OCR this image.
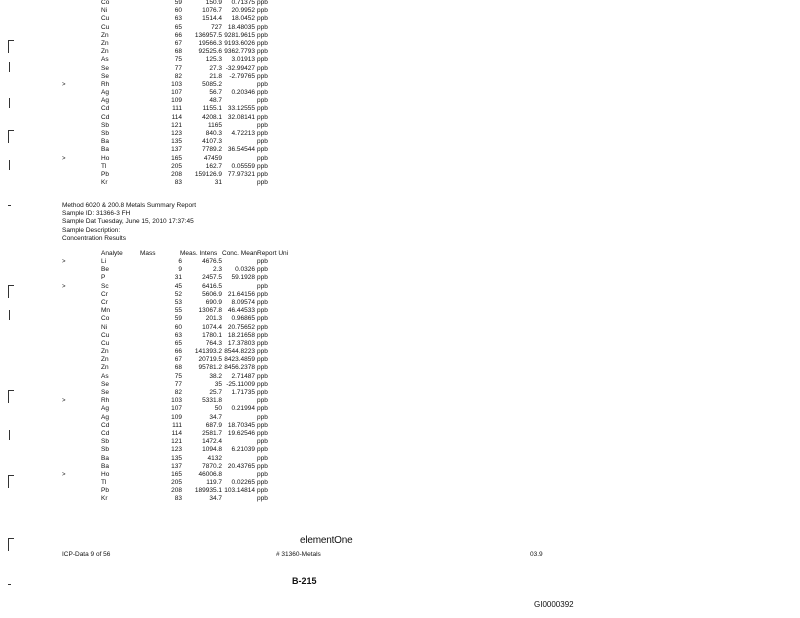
Co	59	150.9	0.71375 ppb
Ni	60	1076.7	20.9952 ppb
Cu	63	1514.4	18.0452 ppb
Cu	65	727 18.48035 ppb
Zn	66	136957.5 9281.9615 ppb
Zn	67	19566.3 9193.6026 ppb
Zn	68	92525.6 9362.7793 ppb
As	75	125.3	3.01913 ppb
Se	77	27.3 -32.99427 ppb
Se	82	21.8	-2.79765 ppb
>	Rh	103	5085.2	ppb
Ag	107	56.7	0.20346 ppb
Ag	109	48.7	ppb
Cd	111	1155.1 33.12555 ppb
Cd	114	4208.1 32.08141 ppb
Sb	121	1165	ppb
Sb	123	840.3	4.72213 ppb
Ba	135	4107.3	ppb
Ba	137	7789.2 36.54544 ppb
>	Ho	165	47459	ppb
Tl	205	162.7	0.05559 ppb
Pb	208	159126.9 77.97321 ppb
Kr	83	31	ppb
Method 6020 & 200.8 Metals Summary Report
Sample ID: 31366-3 FH
Sample Dat Tuesday, June 15, 2010 17:37:45
Sample Description:
Concentration Results
Analyte	Mass	Meas. Intens Conc. Mean Report Uni
>	Li	6	4676.5	ppb
Be	9	2.3	0.0326 ppb
P	31	2457.5	59.1928 ppb
>	Sc	45	6416.5	ppb
Cr	52	5606.9 21.64156 ppb
Cr	53	690.9	8.09574 ppb
Mn	55	13067.8 46.44533 ppb
Co	59	201.3	0.96865 ppb
Ni	60	1074.4 20.75652 ppb
Cu	63	1780.1 18.21658 ppb
Cu	65	764.3 17.37803 ppb
Zn	66	141393.2 8544.8223 ppb
Zn	67	20719.5 8423.4859 ppb
Zn	68	95781.2 8456.2378 ppb
As	75	38.2	2.71487 ppb
Se	77	35 -25.11009 ppb
Se	82	25.7	1.71735 ppb
>	Rh	103	5331.8	ppb
Ag	107	50	0.21994 ppb
Ag	109	34.7	ppb
Cd	111	687.9 18.70345 ppb
Cd	114	2581.7 19.62546 ppb
Sb	121	1472.4	ppb
Sb	123	1094.8	6.21039 ppb
Ba	135	4132	ppb
Ba	137	7870.2 20.43765 ppb
>	Ho	165	46006.8	ppb
Tl	205	119.7	0.02265 ppb
Pb	208	189935.1 103.14814 ppb
Kr	83	34.7	ppb
elementOne
ICP-Data 9 of 56	# 31360-Metals	03.9
B-215
GI0000392
